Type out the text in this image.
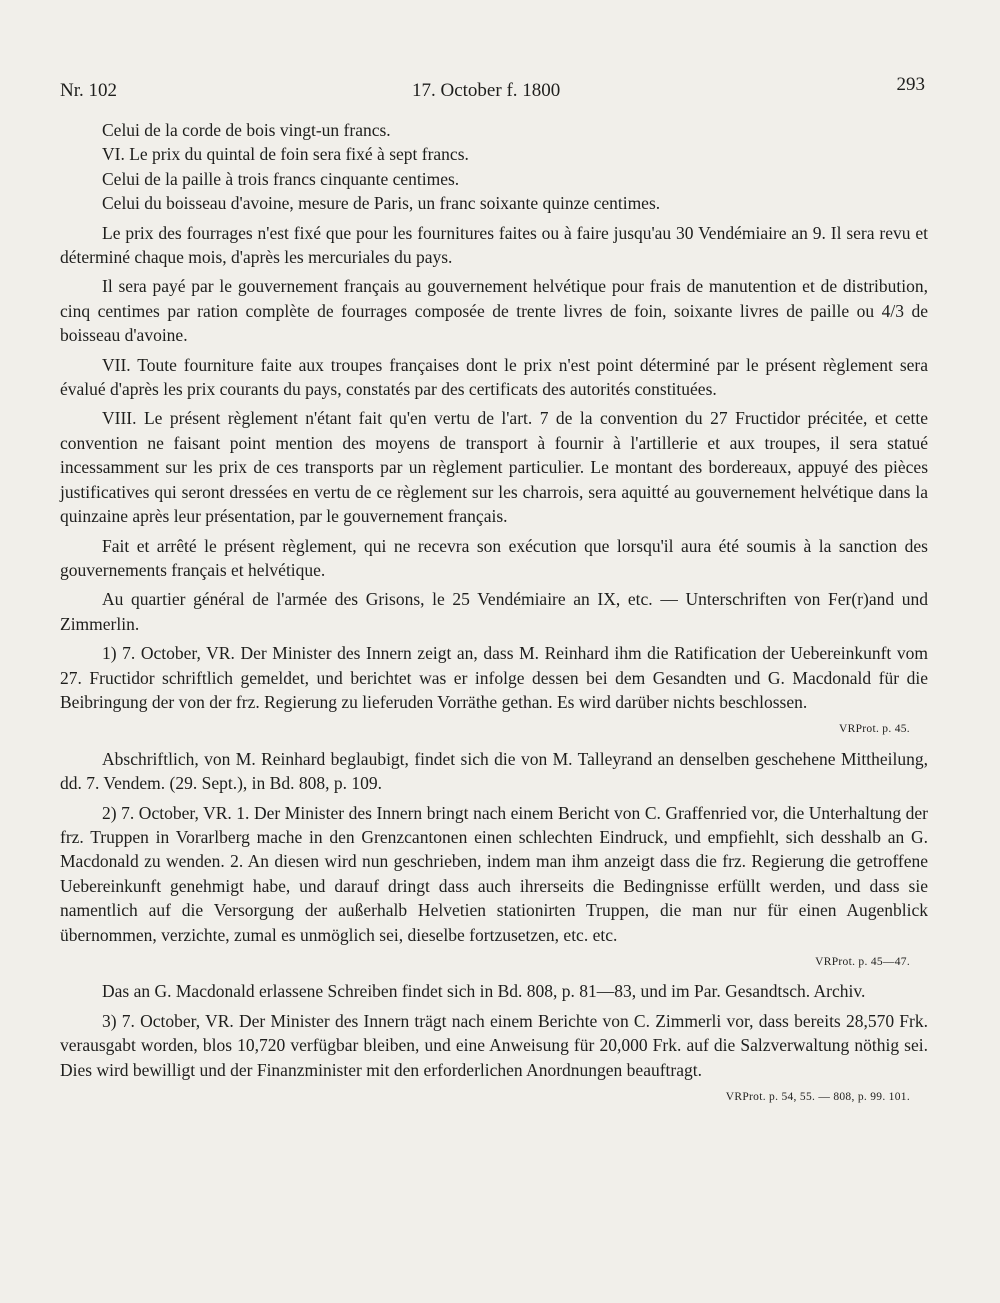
Nr. 102	17. October f. 1800	293

Celui de la corde de bois vingt-un francs.

VI. Le prix du quintal de foin sera fixé à sept francs.

Celui de la paille à trois francs cinquante centimes.

Celui du boisseau d'avoine, mesure de Paris, un franc soixante quinze centimes.

Le prix des fourrages n'est fixé que pour les fournitures faites ou à faire jusqu'au 30 Vendémiaire an 9. Il sera revu et déterminé chaque mois, d'après les mercuriales du pays.

Il sera payé par le gouvernement français au gouvernement helvétique pour frais de manutention et de distribution, cinq centimes par ration complète de fourrages composée de trente livres de foin, soixante livres de paille ou 4/3 de boisseau d'avoine.

VII. Toute fourniture faite aux troupes françaises dont le prix n'est point déterminé par le présent règlement sera évalué d'après les prix courants du pays, constatés par des certificats des autorités constituées.

VIII. Le présent règlement n'étant fait qu'en vertu de l'art. 7 de la convention du 27 Fructidor précitée, et cette convention ne faisant point mention des moyens de transport à fournir à l'artillerie et aux troupes, il sera statué incessamment sur les prix de ces transports par un règlement particulier. Le montant des bordereaux, appuyé des pièces justificatives qui seront dressées en vertu de ce règlement sur les charrois, sera aquitté au gouvernement helvétique dans la quinzaine après leur présentation, par le gouvernement français.

Fait et arrêté le présent règlement, qui ne recevra son exécution que lorsqu'il aura été soumis à la sanction des gouvernements français et helvétique.

Au quartier général de l'armée des Grisons, le 25 Vendémiaire an IX, etc. — Unterschriften von Fer(r)and und Zimmerlin.

1) 7. October, VR. Der Minister des Innern zeigt an, dass M. Reinhard ihm die Ratification der Uebereinkunft vom 27. Fructidor schriftlich gemeldet, und berichtet was er infolge dessen bei dem Gesandten und G. Macdonald für die Beibringung der von der frz. Regierung zu lieferuden Vorräthe gethan. Es wird darüber nichts beschlossen.

VRProt. p. 45.

Abschriftlich, von M. Reinhard beglaubigt, findet sich die von M. Talleyrand an denselben geschehene Mittheilung, dd. 7. Vendem. (29. Sept.), in Bd. 808, p. 109.

2) 7. October, VR. 1. Der Minister des Innern bringt nach einem Bericht von C. Graffenried vor, die Unterhaltung der frz. Truppen in Vorarlberg mache in den Grenzcantonen einen schlechten Eindruck, und empfiehlt, sich desshalb an G. Macdonald zu wenden. 2. An diesen wird nun geschrieben, indem man ihm anzeigt dass die frz. Regierung die getroffene Uebereinkunft genehmigt habe, und darauf dringt dass auch ihrerseits die Bedingnisse erfüllt werden, und dass sie namentlich auf die Versorgung der außerhalb Helvetien stationirten Truppen, die man nur für einen Augenblick übernommen, verzichte, zumal es unmöglich sei, dieselbe fortzusetzen, etc. etc.

VRProt. p. 45—47.

Das an G. Macdonald erlassene Schreiben findet sich in Bd. 808, p. 81—83, und im Par. Gesandtsch. Archiv.

3) 7. October, VR. Der Minister des Innern trägt nach einem Berichte von C. Zimmerli vor, dass bereits 28,570 Frk. verausgabt worden, blos 10,720 verfügbar bleiben, und eine Anweisung für 20,000 Frk. auf die Salzverwaltung nöthig sei. Dies wird bewilligt und der Finanzminister mit den erforderlichen Anordnungen beauftragt.

VRProt. p. 54, 55. — 808, p. 99. 101.
